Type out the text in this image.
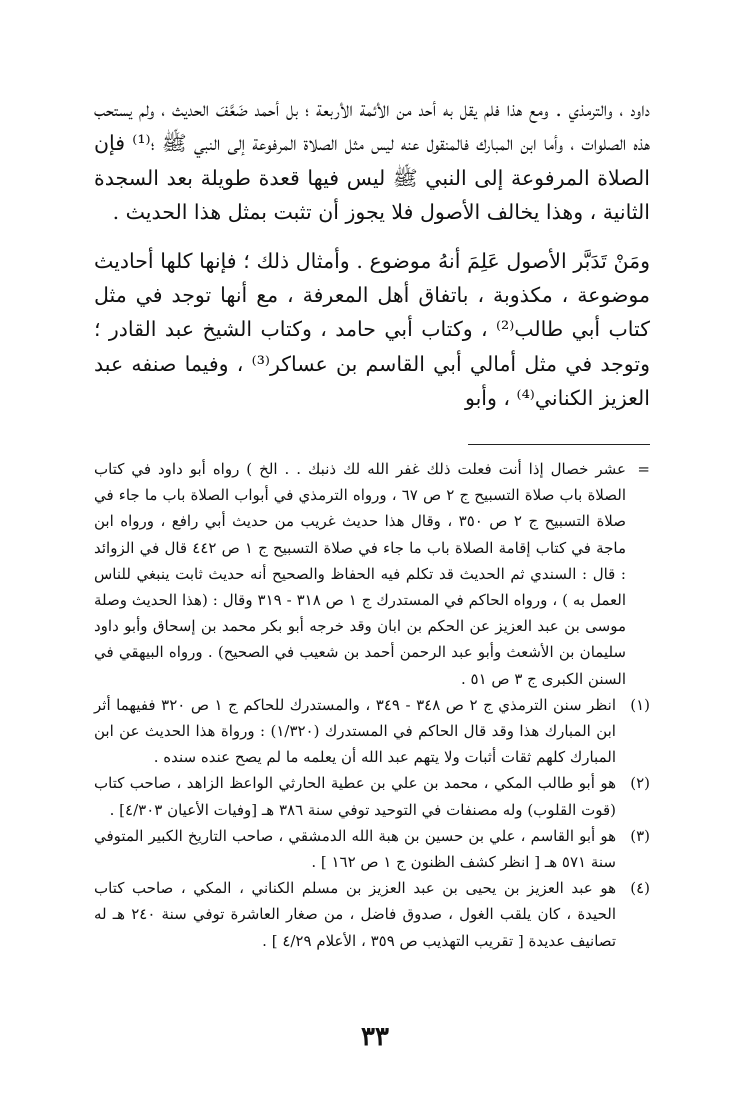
داود ، والترمذي . ومع هذا فلم يقل به أحد من الأئمة الأربعة ؛ بل أحمد ضَعَّفَ الحديث ، ولم يستحب هذه الصلوات ، وأما ابن المبارك فالمنقول عنه ليس مثل الصلاة المرفوعة إلى النبي ﷺ ؛⁽¹⁾ فإن الصلاة المرفوعة إلى النبي ﷺ ليس فيها قعدة طويلة بعد السجدة الثانية ، وهذا يخالف الأصول فلا يجوز أن تثبت بمثل هذا الحديث .

ومَنْ تَدَبَّر الأصول عَلِمَ أنهُ موضوع . وأمثال ذلك ؛ فإنها كلها أحاديث موضوعة ، مكذوبة ، باتفاق أهل المعرفة ، مع أنها توجد في مثل كتاب أبي طالب⁽²⁾ ، وكتاب أبي حامد ، وكتاب الشيخ عبد القادر ؛ وتوجد في مثل أمالي أبي القاسم بن عساكر⁽³⁾ ، وفيما صنفه عبد العزيز الكناني⁽⁴⁾ ، وأبو

=
عشر خصال إذا أنت فعلت ذلك غفر الله لك ذنبك . . الخ ) رواه أبو داود في كتاب الصلاة باب صلاة التسبيح ج ٢ ص ٦٧ ، ورواه الترمذي في أبواب الصلاة باب ما جاء في صلاة التسبيح ج ٢ ص ٣٥٠ ، وقال هذا حديث غريب من حديث أبي رافع ، ورواه ابن ماجة في كتاب إقامة الصلاة باب ما جاء في صلاة التسبيح ج ١ ص ٤٤٢ قال في الزوائد : قال : السندي ثم الحديث قد تكلم فيه الحفاظ والصحيح أنه حديث ثابت ينبغي للناس العمل به ) ، ورواه الحاكم في المستدرك ج ١ ص ٣١٨ - ٣١٩ وقال : (هذا الحديث وصلة موسى بن عبد العزيز عن الحكم بن ابان وقد خرجه أبو بكر محمد بن إسحاق وأبو داود سليمان بن الأشعث وأبو عبد الرحمن أحمد بن شعيب في الصحيح) . ورواه البيهقي في السنن الكبرى ج ٣ ص ٥١ .
(١)
انظر سنن الترمذي ج ٢ ص ٣٤٨ - ٣٤٩ ، والمستدرك للحاكم ج ١ ص ٣٢٠ ففيهما أثر ابن المبارك هذا وقد قال الحاكم في المستدرك (١/٣٢٠) : ورواة هذا الحديث عن ابن المبارك كلهم ثقات أثبات ولا يتهم عبد الله أن يعلمه ما لم يصح عنده سنده .
(٢)
هو أبو طالب المكي ، محمد بن علي بن عطية الحارثي الواعظ الزاهد ، صاحب كتاب (قوت القلوب) وله مصنفات في التوحيد توفي سنة ٣٨٦ هـ [وفيات الأعيان ٤/٣٠٣] .
(٣)
هو أبو القاسم ، علي بن حسين بن هبة الله الدمشقي ، صاحب التاريخ الكبير المتوفي سنة ٥٧١ هـ [ انظر كشف الظنون ج ١ ص ١٦٢ ] .
(٤)
هو عبد العزيز بن يحيى بن عبد العزيز بن مسلم الكناني ، المكي ، صاحب كتاب الحيدة ، كان يلقب الغول ، صدوق فاضل ، من صغار العاشرة توفي سنة ٢٤٠ هـ له تصانيف عديدة [ تقريب التهذيب ص ٣٥٩ ، الأعلام ٤/٢٩ ] .
٣٣
